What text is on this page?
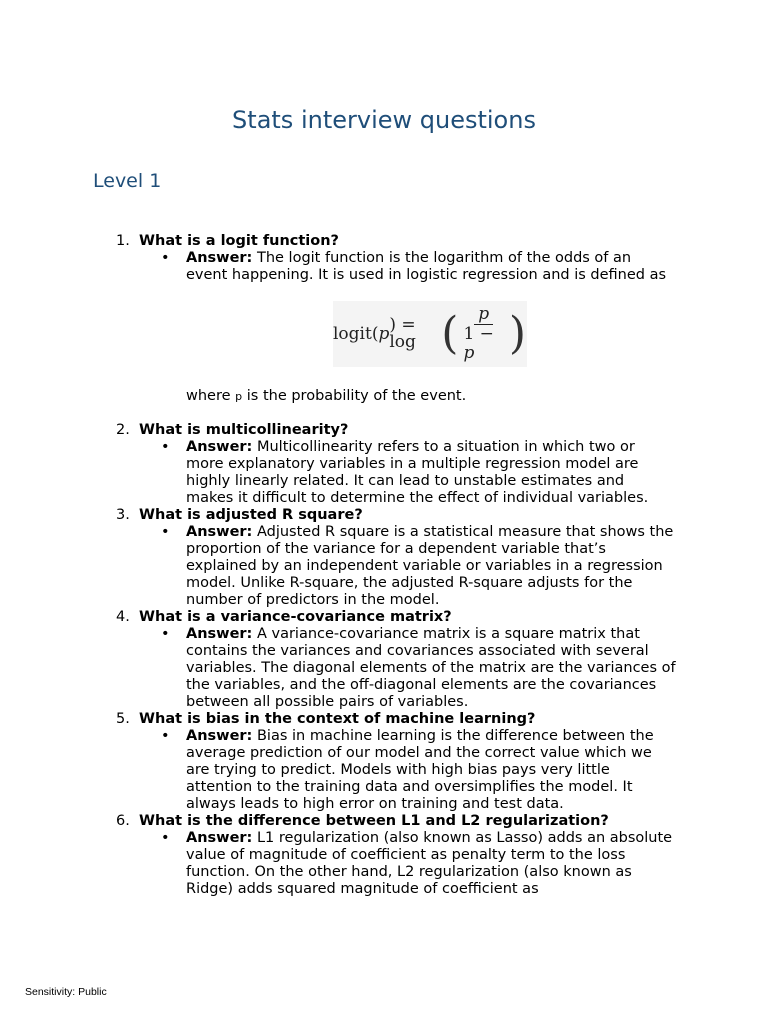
Stats interview questions
Level 1
1. What is a logit function?
• Answer: The logit function is the logarithm of the odds of an event happening. It is used in logistic regression and is defined as
logit( p ) = log ( $\frac{p}{1 - p}$ )
where p is the probability of the event.
2. What is multicollinearity?
• Answer: Multicollinearity refers to a situation in which two or more explanatory variables in a multiple regression model are highly linearly related. It can lead to unstable estimates and makes it difficult to determine the effect of individual variables.
3. What is adjusted R square?
• Answer: Adjusted R square is a statistical measure that shows the proportion of the variance for a dependent variable that’s explained by an independent variable or variables in a regression model. Unlike R-square, the adjusted R-square adjusts for the number of predictors in the model.
4. What is a variance-covariance matrix?
• Answer: A variance-covariance matrix is a square matrix that contains the variances and covariances associated with several variables. The diagonal elements of the matrix are the variances of the variables, and the off-diagonal elements are the covariances between all possible pairs of variables.
5. What is bias in the context of machine learning?
• Answer: Bias in machine learning is the difference between the average prediction of our model and the correct value which we are trying to predict. Models with high bias pays very little attention to the training data and oversimplifies the model. It always leads to high error on training and test data.
6. What is the difference between L1 and L2 regularization?
• Answer: L1 regularization (also known as Lasso) adds an absolute value of magnitude of coefficient as penalty term to the loss function. On the other hand, L2 regularization (also known as Ridge) adds squared magnitude of coefficient as
Sensitivity: Public
